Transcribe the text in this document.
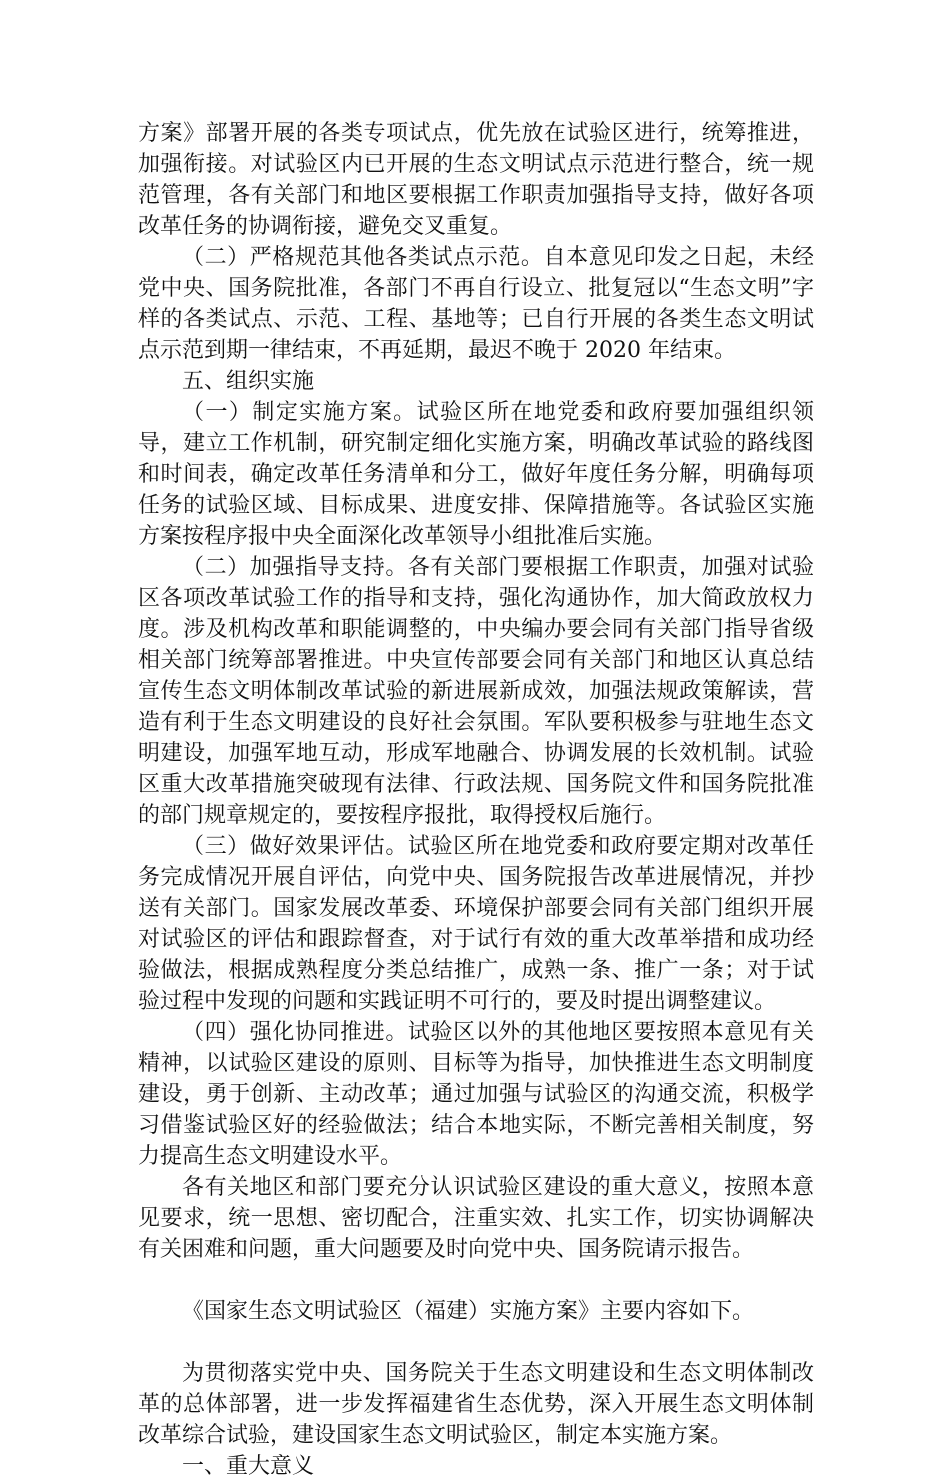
方案》部署开展的各类专项试点，优先放在试验区进行，统筹推进，加强衔接。对试验区内已开展的生态文明试点示范进行整合，统一规范管理，各有关部门和地区要根据工作职责加强指导支持，做好各项改革任务的协调衔接，避免交叉重复。

（二）严格规范其他各类试点示范。自本意见印发之日起，未经党中央、国务院批准，各部门不再自行设立、批复冠以“生态文明”字样的各类试点、示范、工程、基地等；已自行开展的各类生态文明试点示范到期一律结束，不再延期，最迟不晚于 2020 年结束。

五、组织实施

（一）制定实施方案。试验区所在地党委和政府要加强组织领导，建立工作机制，研究制定细化实施方案，明确改革试验的路线图和时间表，确定改革任务清单和分工，做好年度任务分解，明确每项任务的试验区域、目标成果、进度安排、保障措施等。各试验区实施方案按程序报中央全面深化改革领导小组批准后实施。

（二）加强指导支持。各有关部门要根据工作职责，加强对试验区各项改革试验工作的指导和支持，强化沟通协作，加大简政放权力度。涉及机构改革和职能调整的，中央编办要会同有关部门指导省级相关部门统筹部署推进。中央宣传部要会同有关部门和地区认真总结宣传生态文明体制改革试验的新进展新成效，加强法规政策解读，营造有利于生态文明建设的良好社会氛围。军队要积极参与驻地生态文明建设，加强军地互动，形成军地融合、协调发展的长效机制。试验区重大改革措施突破现有法律、行政法规、国务院文件和国务院批准的部门规章规定的，要按程序报批，取得授权后施行。

（三）做好效果评估。试验区所在地党委和政府要定期对改革任务完成情况开展自评估，向党中央、国务院报告改革进展情况，并抄送有关部门。国家发展改革委、环境保护部要会同有关部门组织开展对试验区的评估和跟踪督查，对于试行有效的重大改革举措和成功经验做法，根据成熟程度分类总结推广，成熟一条、推广一条；对于试验过程中发现的问题和实践证明不可行的，要及时提出调整建议。

（四）强化协同推进。试验区以外的其他地区要按照本意见有关精神，以试验区建设的原则、目标等为指导，加快推进生态文明制度建设，勇于创新、主动改革；通过加强与试验区的沟通交流，积极学习借鉴试验区好的经验做法；结合本地实际，不断完善相关制度，努力提高生态文明建设水平。

各有关地区和部门要充分认识试验区建设的重大意义，按照本意见要求，统一思想、密切配合，注重实效、扎实工作，切实协调解决有关困难和问题，重大问题要及时向党中央、国务院请示报告。

《国家生态文明试验区（福建）实施方案》主要内容如下。

为贯彻落实党中央、国务院关于生态文明建设和生态文明体制改革的总体部署，进一步发挥福建省生态优势，深入开展生态文明体制改革综合试验，建设国家生态文明试验区，制定本实施方案。

一、重大意义
